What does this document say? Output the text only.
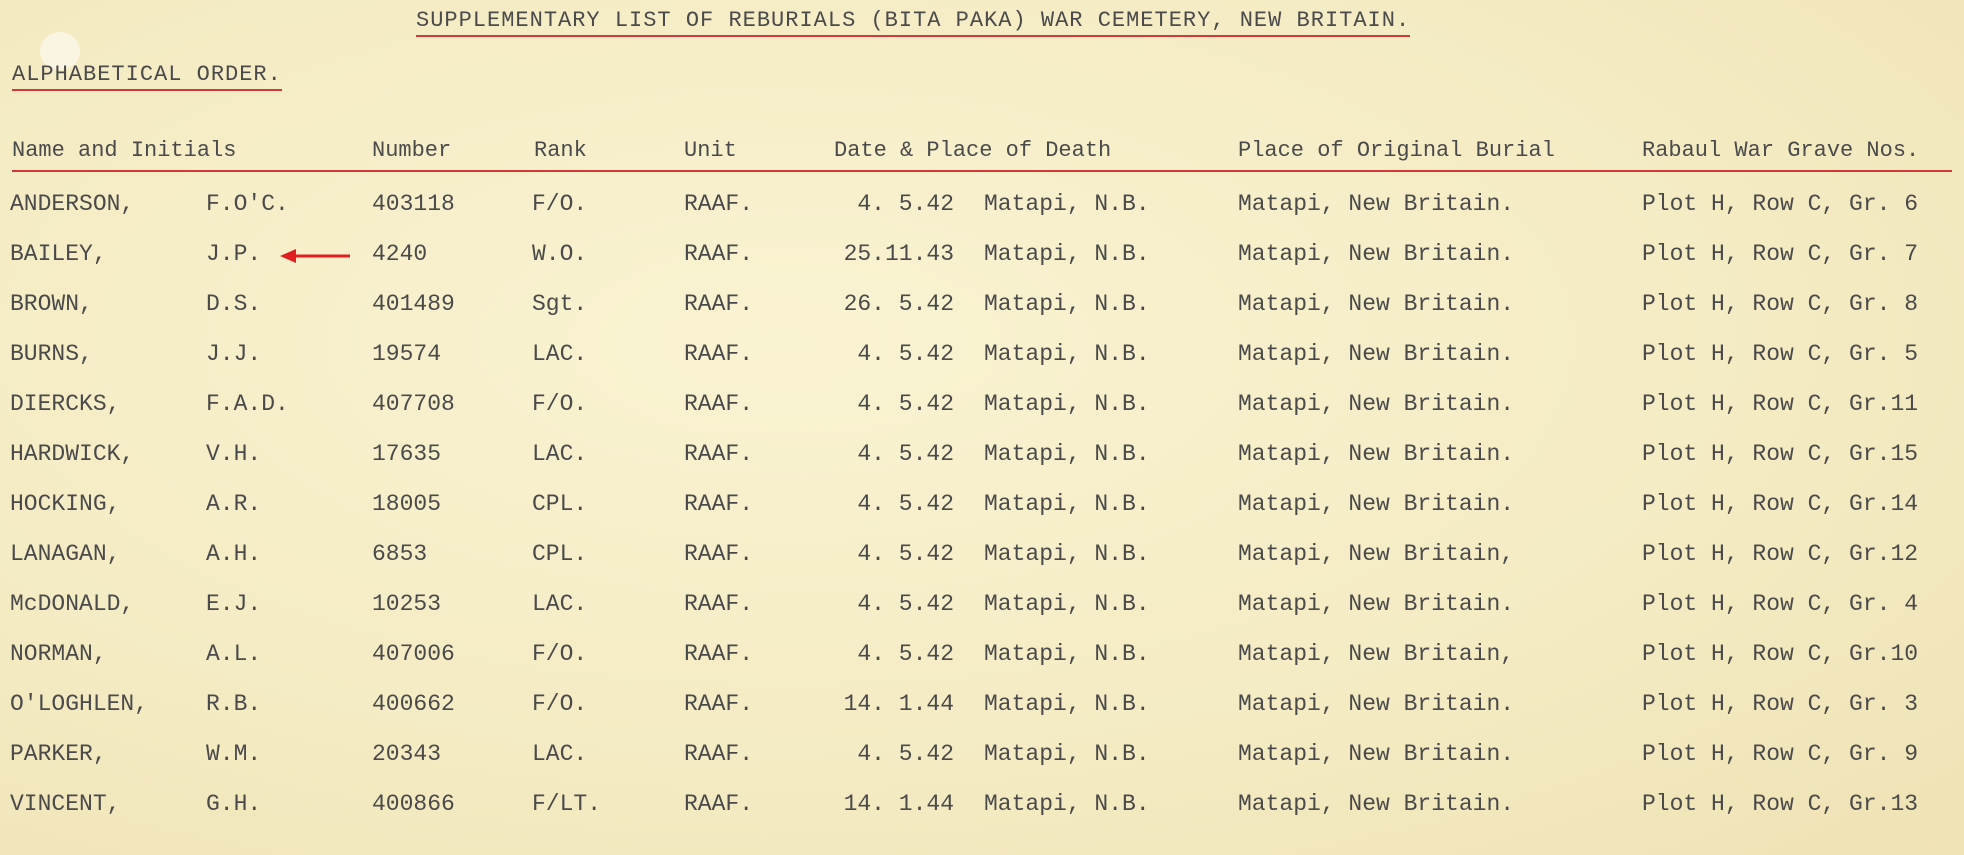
SUPPLEMENTARY LIST OF REBURIALS (BITA PAKA) WAR CEMETERY, NEW BRITAIN.
ALPHABETICAL ORDER.
Name and Initials	Number	Rank	Unit	Date & Place of Death	Place of Original Burial	Rabaul War Grave Nos.
ANDERSON,	F.O'C.	403118	F/O.	RAAF.	4. 5.42 Matapi, N.B.	Matapi, New Britain.	Plot H, Row C, Gr. 6
BAILEY,	J.P.	4240	W.O.	RAAF.	25.11.43 Matapi, N.B.	Matapi, New Britain.	Plot H, Row C, Gr. 7
BROWN,	D.S.	401489	Sgt.	RAAF.	26. 5.42 Matapi, N.B.	Matapi, New Britain.	Plot H, Row C, Gr. 8
BURNS,	J.J.	19574	LAC.	RAAF.	4. 5.42 Matapi, N.B.	Matapi, New Britain.	Plot H, Row C, Gr. 5
DIERCKS,	F.A.D.	407708	F/O.	RAAF.	4. 5.42 Matapi, N.B.	Matapi, New Britain.	Plot H, Row C, Gr.11
HARDWICK,	V.H.	17635	LAC.	RAAF.	4. 5.42 Matapi, N.B.	Matapi, New Britain.	Plot H, Row C, Gr.15
HOCKING,	A.R.	18005	CPL.	RAAF.	4. 5.42 Matapi, N.B.	Matapi, New Britain.	Plot H, Row C, Gr.14
LANAGAN,	A.H.	6853	CPL.	RAAF.	4. 5.42 Matapi, N.B.	Matapi, New Britain,	Plot H, Row C, Gr.12
McDONALD,	E.J.	10253	LAC.	RAAF.	4. 5.42 Matapi, N.B.	Matapi, New Britain.	Plot H, Row C, Gr. 4
NORMAN,	A.L.	407006	F/O.	RAAF.	4. 5.42 Matapi, N.B.	Matapi, New Britain,	Plot H, Row C, Gr.10
O'LOGHLEN,	R.B.	400662	F/O.	RAAF.	14. 1.44 Matapi, N.B.	Matapi, New Britain.	Plot H, Row C, Gr. 3
PARKER,	W.M.	20343	LAC.	RAAF.	4. 5.42 Matapi, N.B.	Matapi, New Britain.	Plot H, Row C, Gr. 9
VINCENT,	G.H.	400866	F/LT.	RAAF.	14. 1.44 Matapi, N.B.	Matapi, New Britain.	Plot H, Row C, Gr.13
